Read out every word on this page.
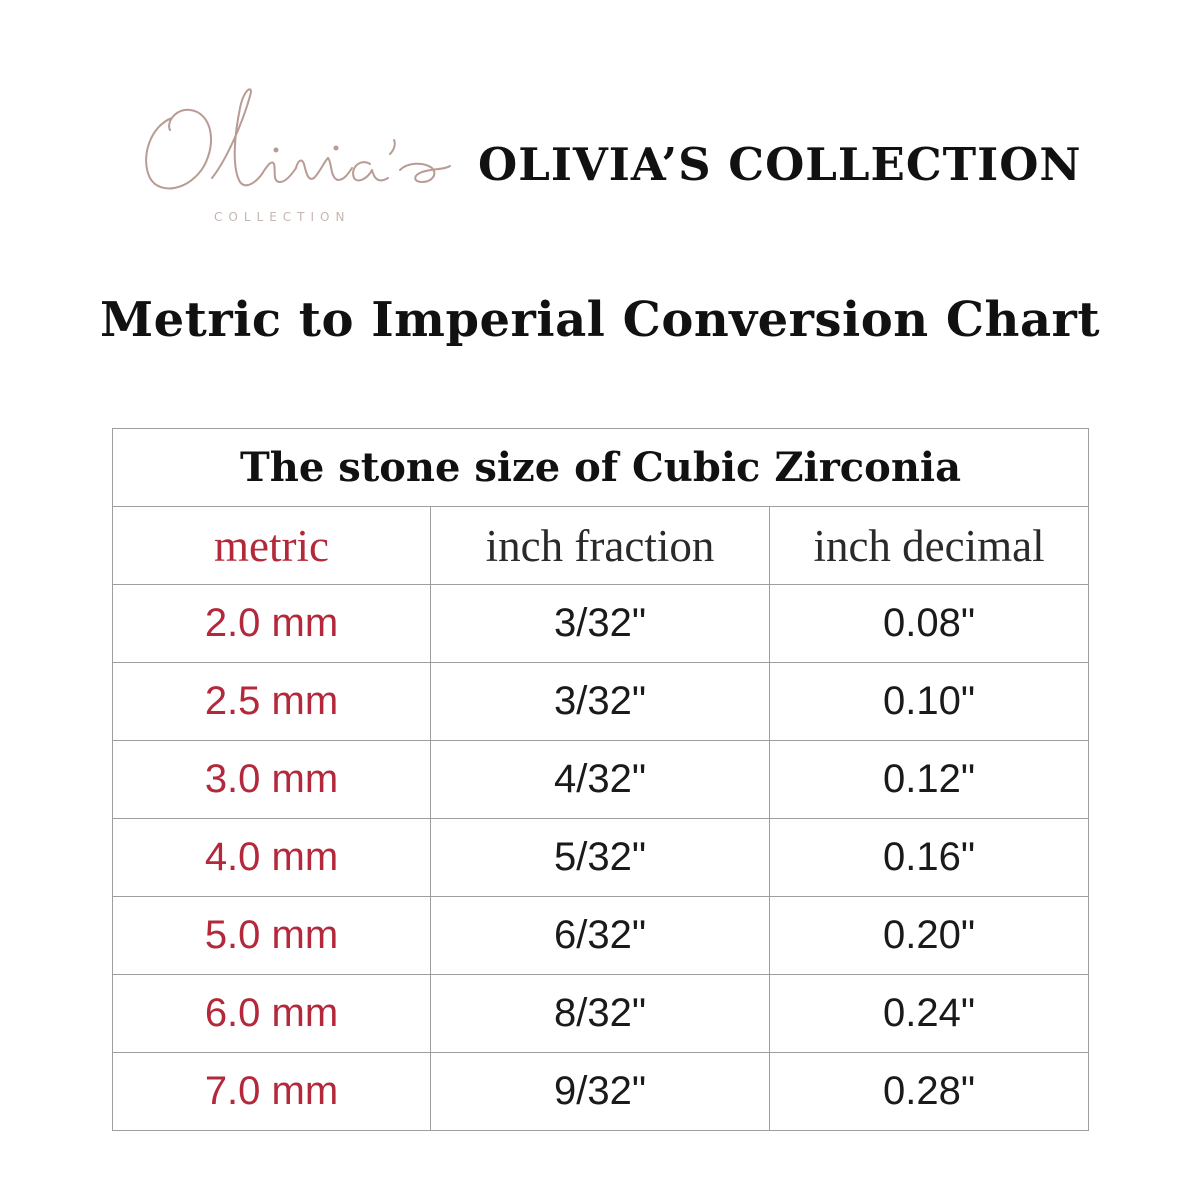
COLLECTION
OLIVIA’S COLLECTION
Metric to Imperial Conversion Chart
The stone size of Cubic Zirconia		
metric	inch fraction	inch decimal
2.0 mm	3/32"	0.08"
2.5 mm	3/32"	0.10"
3.0 mm	4/32"	0.12"
4.0 mm	5/32"	0.16"
5.0 mm	6/32"	0.20"
6.0 mm	8/32"	0.24"
7.0 mm	9/32"	0.28"
